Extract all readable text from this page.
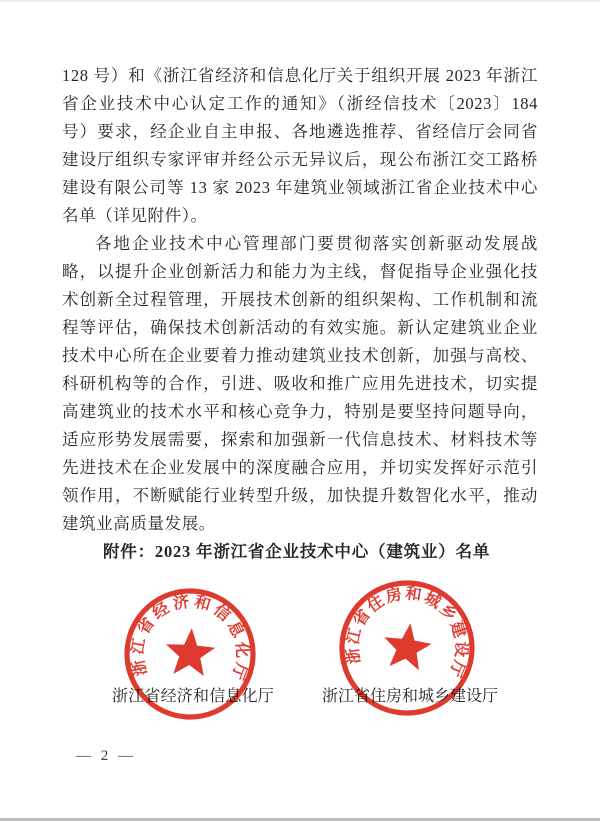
128 号）和《浙江省经济和信息化厅关于组织开展 2023 年浙江省企业技术中心认定工作的通知》（浙经信技术〔2023〕184 号）要求，经企业自主申报、各地遴选推荐、省经信厅会同省建设厅组织专家评审并经公示无异议后，现公布浙江交工路桥建设有限公司等 13 家 2023 年建筑业领域浙江省企业技术中心名单（详见附件）。

各地企业技术中心管理部门要贯彻落实创新驱动发展战略，以提升企业创新活力和能力为主线，督促指导企业强化技术创新全过程管理，开展技术创新的组织架构、工作机制和流程等评估，确保技术创新活动的有效实施。新认定建筑业企业技术中心所在企业要着力推动建筑业技术创新，加强与高校、科研机构等的合作，引进、吸收和推广应用先进技术，切实提高建筑业的技术水平和核心竞争力，特别是要坚持问题导向，适应形势发展需要，探索和加强新一代信息技术、材料技术等先进技术在企业发展中的深度融合应用，并切实发挥好示范引领作用，不断赋能行业转型升级，加快提升数智化水平，推动建筑业高质量发展。

附件：2023 年浙江省企业技术中心（建筑业）名单

浙江省经济和信息化厅	浙江省住房和城乡建设厅
浙江省经济和信息化厅
浙江省住房和城乡建设厅
— 2 —
